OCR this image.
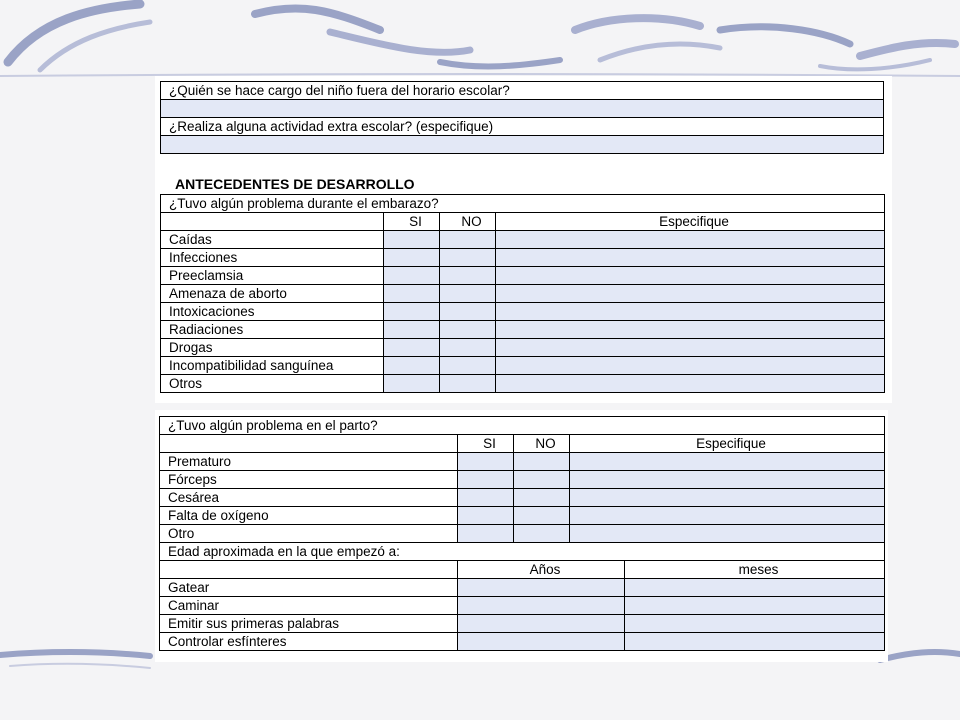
¿Quién se hace cargo del niño fuera del horario escolar?

¿Realiza alguna actividad extra escolar? (especifique)

ANTECEDENTES DE DESARROLLO
¿Tuvo algún problema durante el embarazo?			
	SI	NO	Especifique
Caídas			
Infecciones			
Preeclamsia			
Amenaza de aborto			
Intoxicaciones			
Radiaciones			
Drogas			
Incompatibilidad sanguínea			
Otros			
¿Tuvo algún problema en el parto?				
	SI	NO	Especifique	
Prematuro				
Fórceps				
Cesárea				
Falta de oxígeno				
Otro				
Edad aproximada en la que empezó a:				
	Años			meses
Gatear				
Caminar				
Emitir sus primeras palabras				
Controlar esfínteres				
